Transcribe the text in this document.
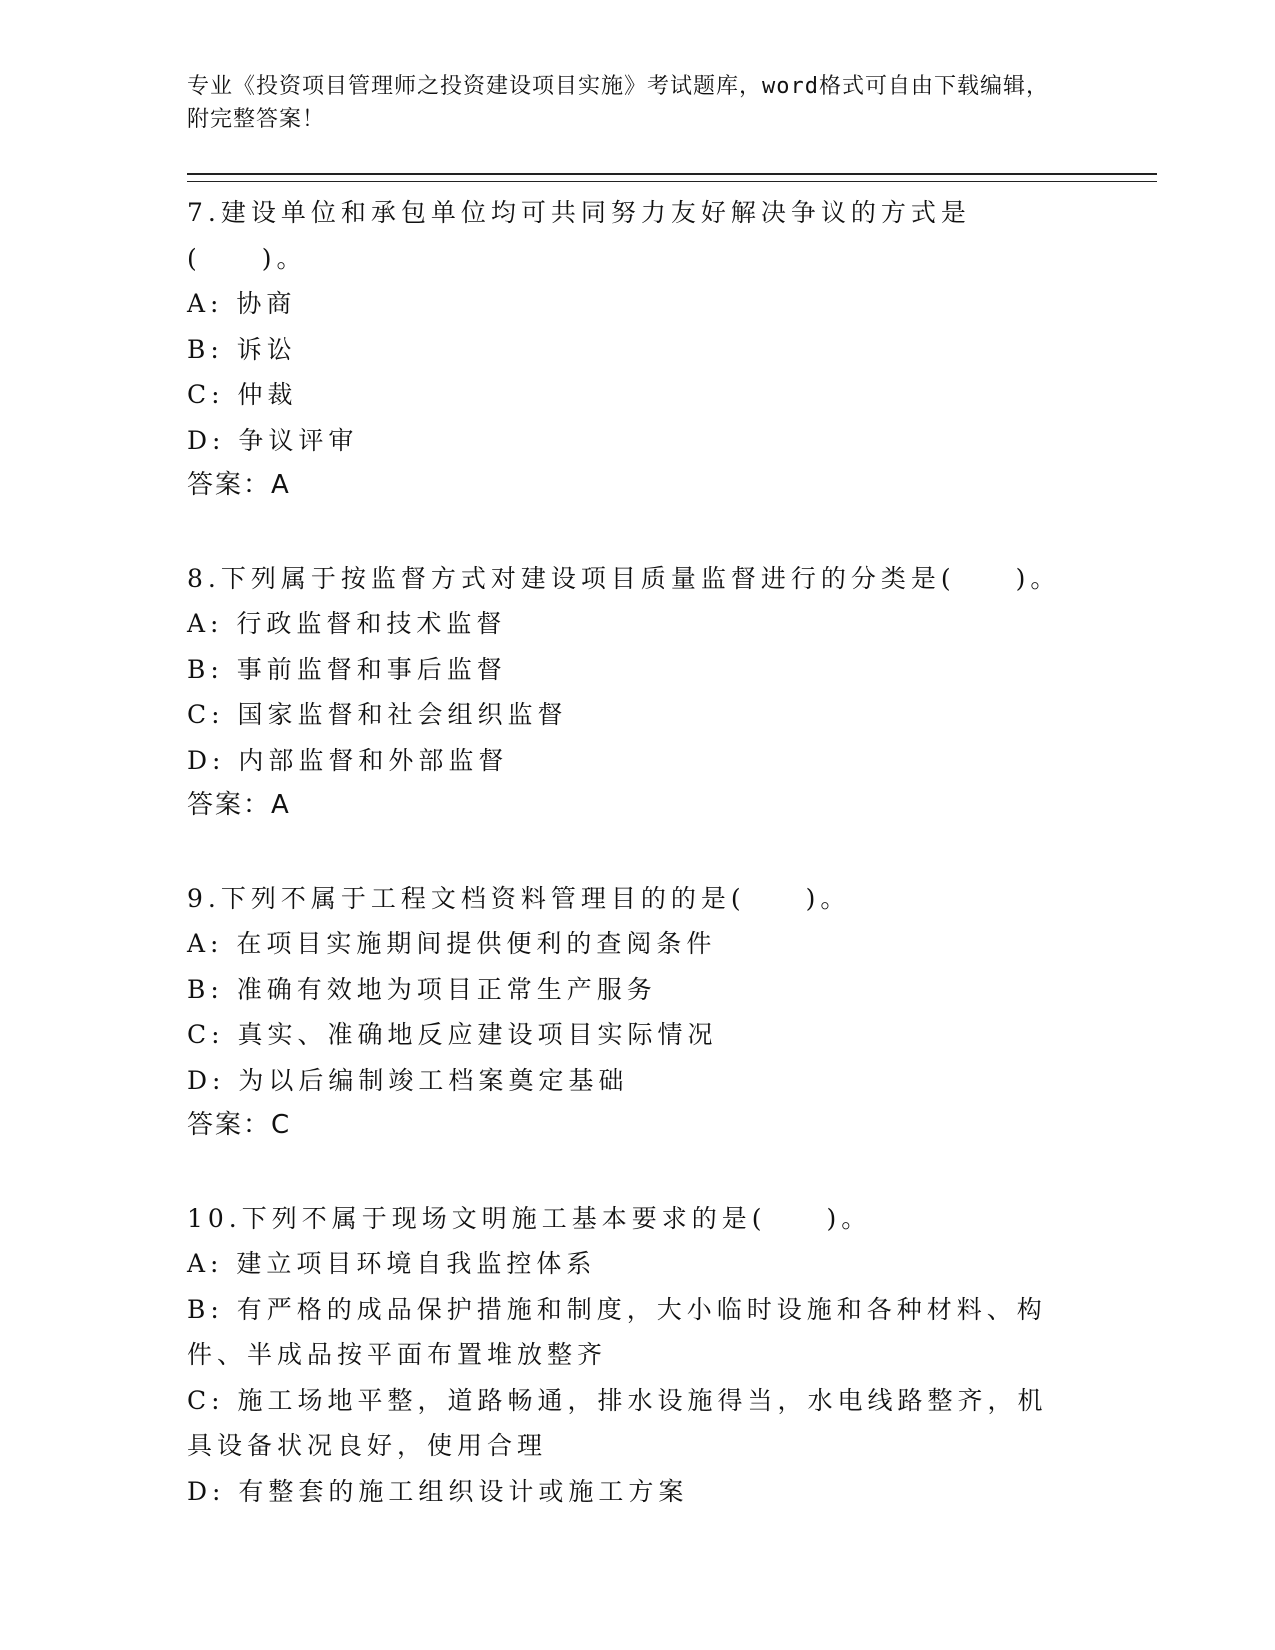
专业《投资项目管理师之投资建设项目实施》考试题库，word格式可自由下载编辑，附完整答案！

7.建设单位和承包单位均可共同努力友好解决争议的方式是(　　)。

A: 协商

B: 诉讼

C: 仲裁

D: 争议评审

答案：A

8.下列属于按监督方式对建设项目质量监督进行的分类是(　　)。

A: 行政监督和技术监督

B: 事前监督和事后监督

C: 国家监督和社会组织监督

D: 内部监督和外部监督

答案：A

9.下列不属于工程文档资料管理目的的是(　　)。

A: 在项目实施期间提供便利的查阅条件

B: 准确有效地为项目正常生产服务

C: 真实、准确地反应建设项目实际情况

D: 为以后编制竣工档案奠定基础

答案：C

10.下列不属于现场文明施工基本要求的是(　　)。

A: 建立项目环境自我监控体系

B: 有严格的成品保护措施和制度，大小临时设施和各种材料、构件、半成品按平面布置堆放整齐

C: 施工场地平整，道路畅通，排水设施得当，水电线路整齐，机具设备状况良好，使用合理

D: 有整套的施工组织设计或施工方案
